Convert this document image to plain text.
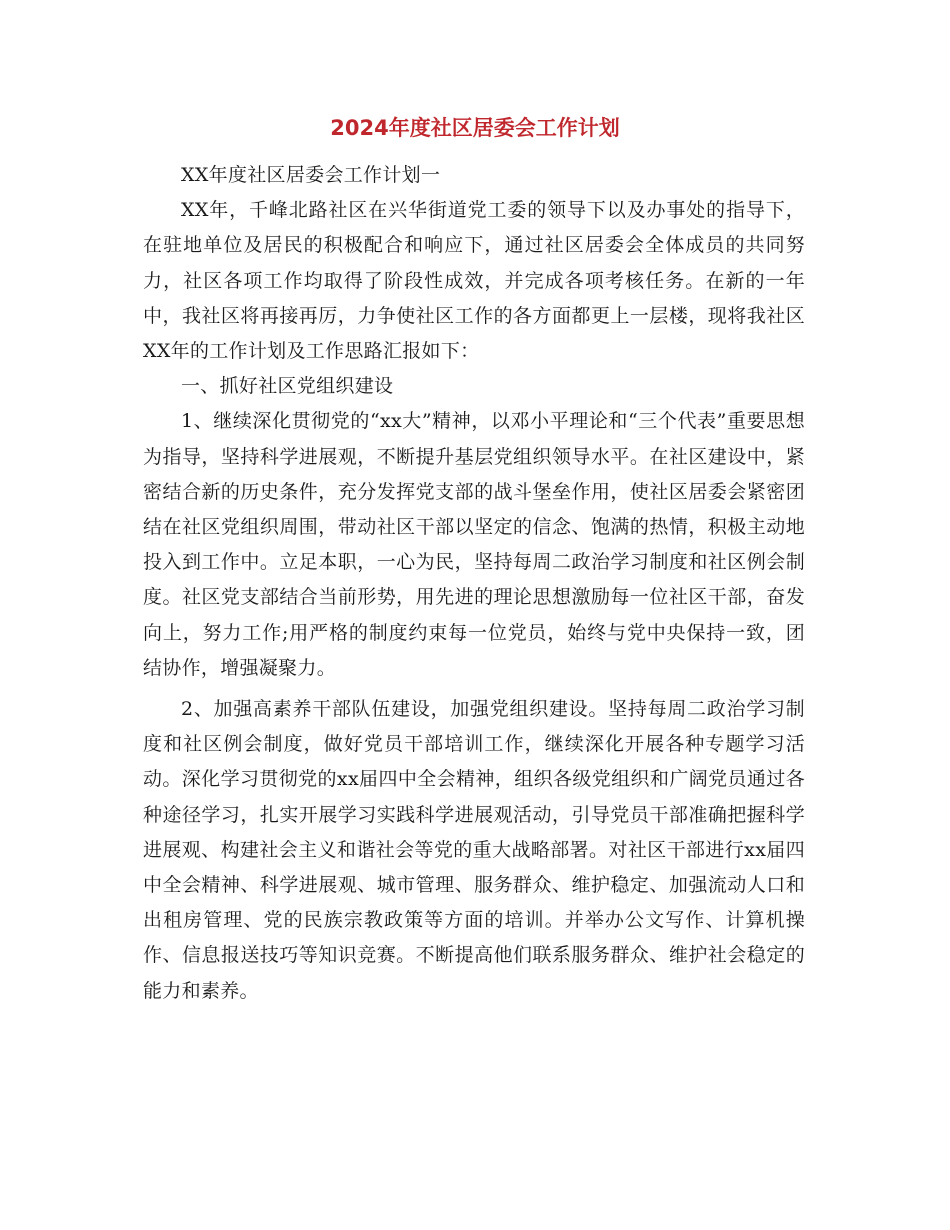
2024年度社区居委会工作计划

XX年度社区居委会工作计划一

XX年，千峰北路社区在兴华街道党工委的领导下以及办事处的指导下，在驻地单位及居民的积极配合和响应下，通过社区居委会全体成员的共同努力，社区各项工作均取得了阶段性成效，并完成各项考核任务。在新的一年中，我社区将再接再厉，力争使社区工作的各方面都更上一层楼，现将我社区XX年的工作计划及工作思路汇报如下：

一、抓好社区党组织建设

1、继续深化贯彻党的“xx大”精神，以邓小平理论和“三个代表”重要思想为指导，坚持科学进展观，不断提升基层党组织领导水平。在社区建设中，紧密结合新的历史条件，充分发挥党支部的战斗堡垒作用，使社区居委会紧密团结在社区党组织周围，带动社区干部以坚定的信念、饱满的热情，积极主动地投入到工作中。立足本职，一心为民，坚持每周二政治学习制度和社区例会制度。社区党支部结合当前形势，用先进的理论思想激励每一位社区干部，奋发向上，努力工作;用严格的制度约束每一位党员，始终与党中央保持一致，团结协作，增强凝聚力。

2、加强高素养干部队伍建设，加强党组织建设。坚持每周二政治学习制度和社区例会制度，做好党员干部培训工作，继续深化开展各种专题学习活动。深化学习贯彻党的xx届四中全会精神，组织各级党组织和广阔党员通过各种途径学习，扎实开展学习实践科学进展观活动，引导党员干部准确把握科学进展观、构建社会主义和谐社会等党的重大战略部署。对社区干部进行xx届四中全会精神、科学进展观、城市管理、服务群众、维护稳定、加强流动人口和出租房管理、党的民族宗教政策等方面的培训。并举办公文写作、计算机操作、信息报送技巧等知识竞赛。不断提高他们联系服务群众、维护社会稳定的能力和素养。
